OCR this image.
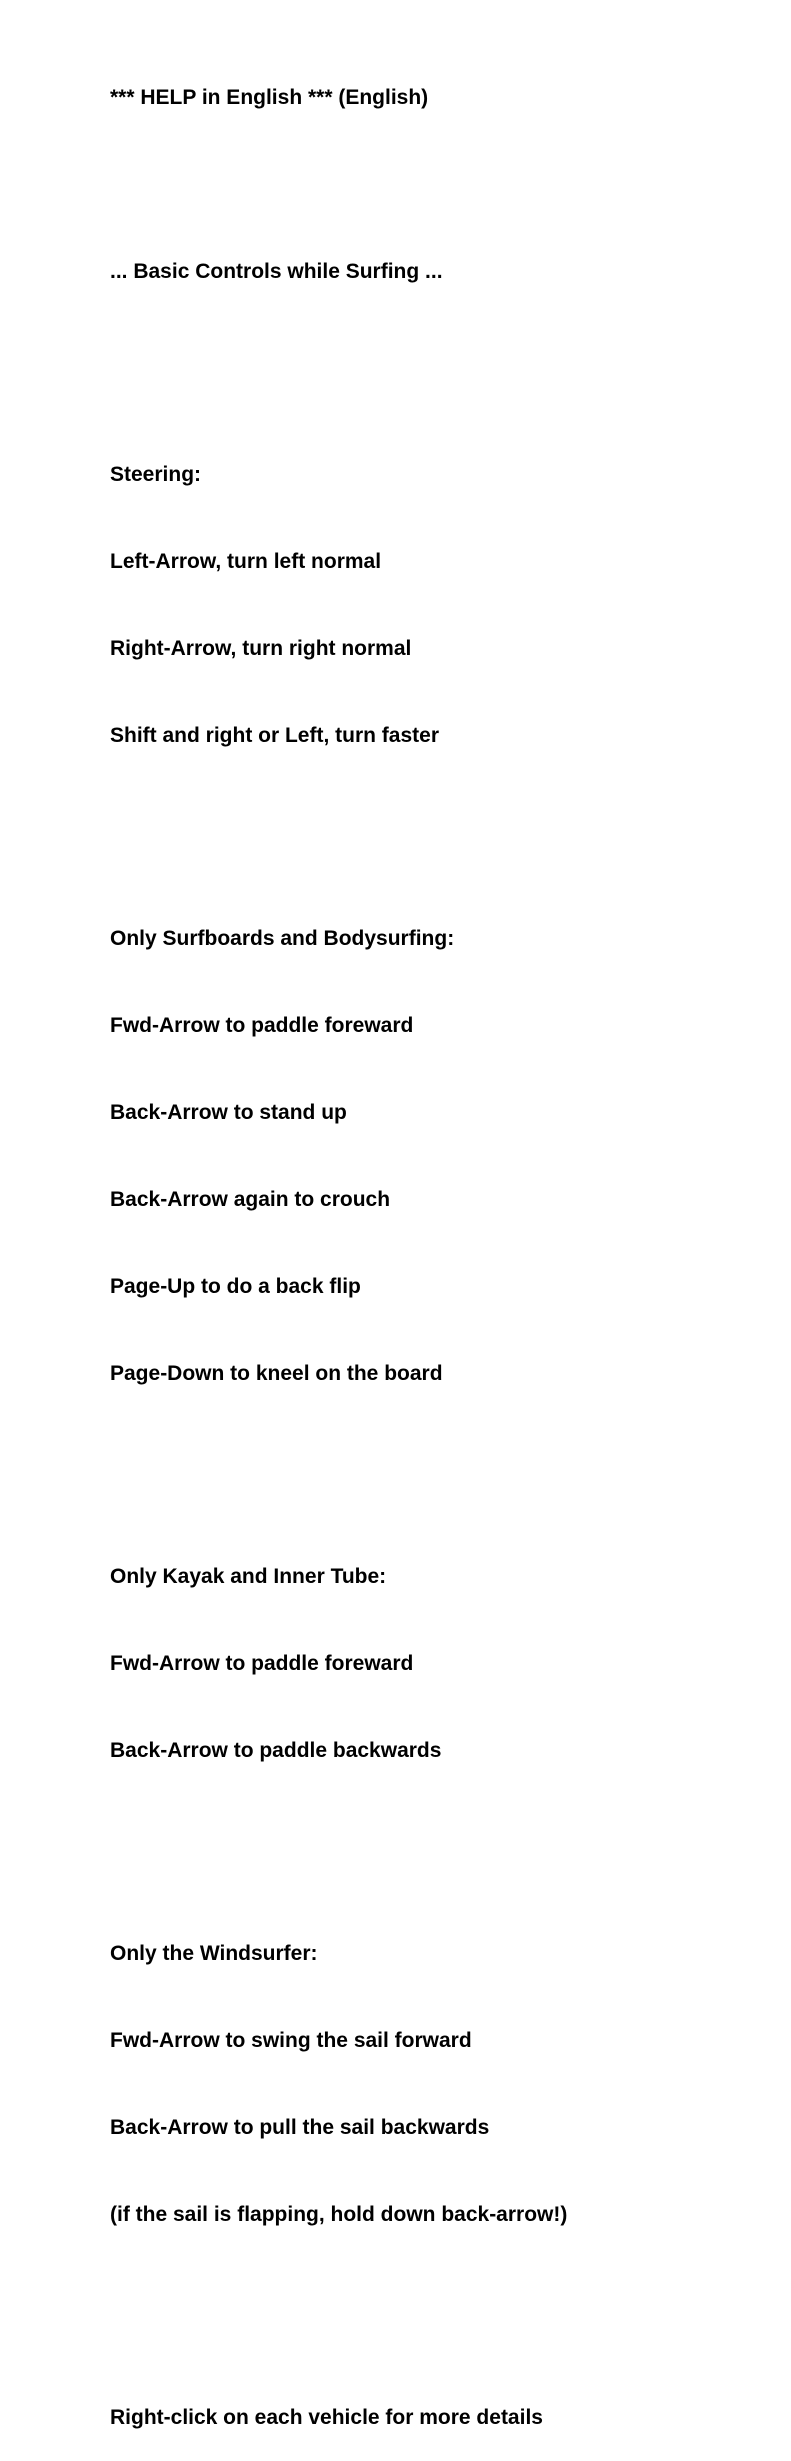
*** HELP in English *** (English)

... Basic Controls while Surfing ...

Steering:

Left-Arrow, turn left normal

Right-Arrow, turn right normal

Shift and right or Left, turn faster

Only Surfboards and Bodysurfing:

Fwd-Arrow to paddle foreward

Back-Arrow to stand up

Back-Arrow again to crouch

Page-Up to do a back flip

Page-Down to kneel on the board

Only Kayak and Inner Tube:

Fwd-Arrow to paddle foreward

Back-Arrow to paddle backwards

Only the Windsurfer:

Fwd-Arrow to swing the sail forward

Back-Arrow to pull the sail backwards

(if the sail is flapping, hold down back-arrow!)

Right-click on each vehicle for more details
